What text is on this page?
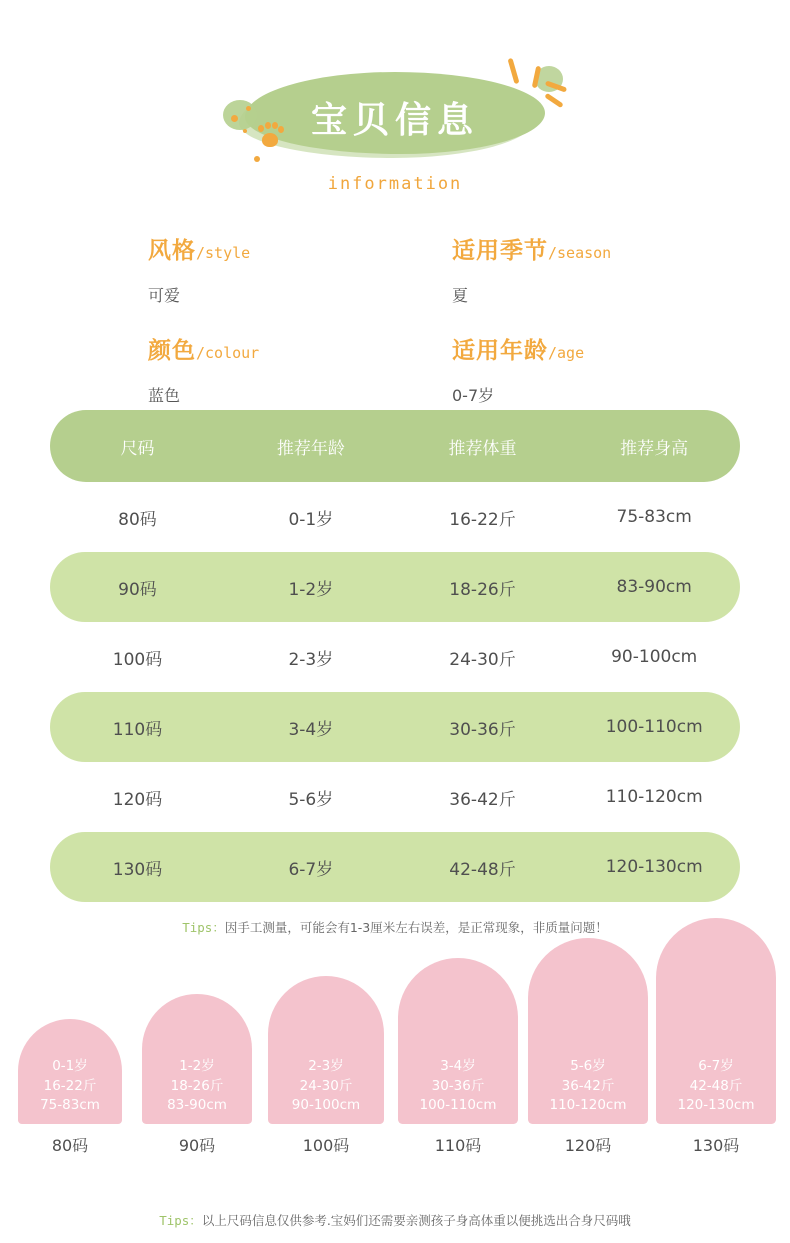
宝贝信息
information
风格/style
可爱
适用季节/season
夏
颜色/colour
蓝色
适用年龄/age
0-7岁
尺码	推荐年龄	推荐体重	推荐身高
80码	0-1岁	16-22斤	75-83cm
90码	1-2岁	18-26斤	83-90cm
100码	2-3岁	24-30斤	90-100cm
110码	3-4岁	30-36斤	100-110cm
120码	5-6岁	36-42斤	110-120cm
130码	6-7岁	42-48斤	120-130cm
Tips：因手工测量，可能会有1-3厘米左右误差，是正常现象，非质量问题！
0-1岁
16-22斤
75-83cm
80码
1-2岁
18-26斤
83-90cm
90码
2-3岁
24-30斤
90-100cm
100码
3-4岁
30-36斤
100-110cm
110码
5-6岁
36-42斤
110-120cm
120码
6-7岁
42-48斤
120-130cm
130码
Tips：以上尺码信息仅供参考.宝妈们还需要亲测孩子身高体重以便挑选出合身尺码哦
